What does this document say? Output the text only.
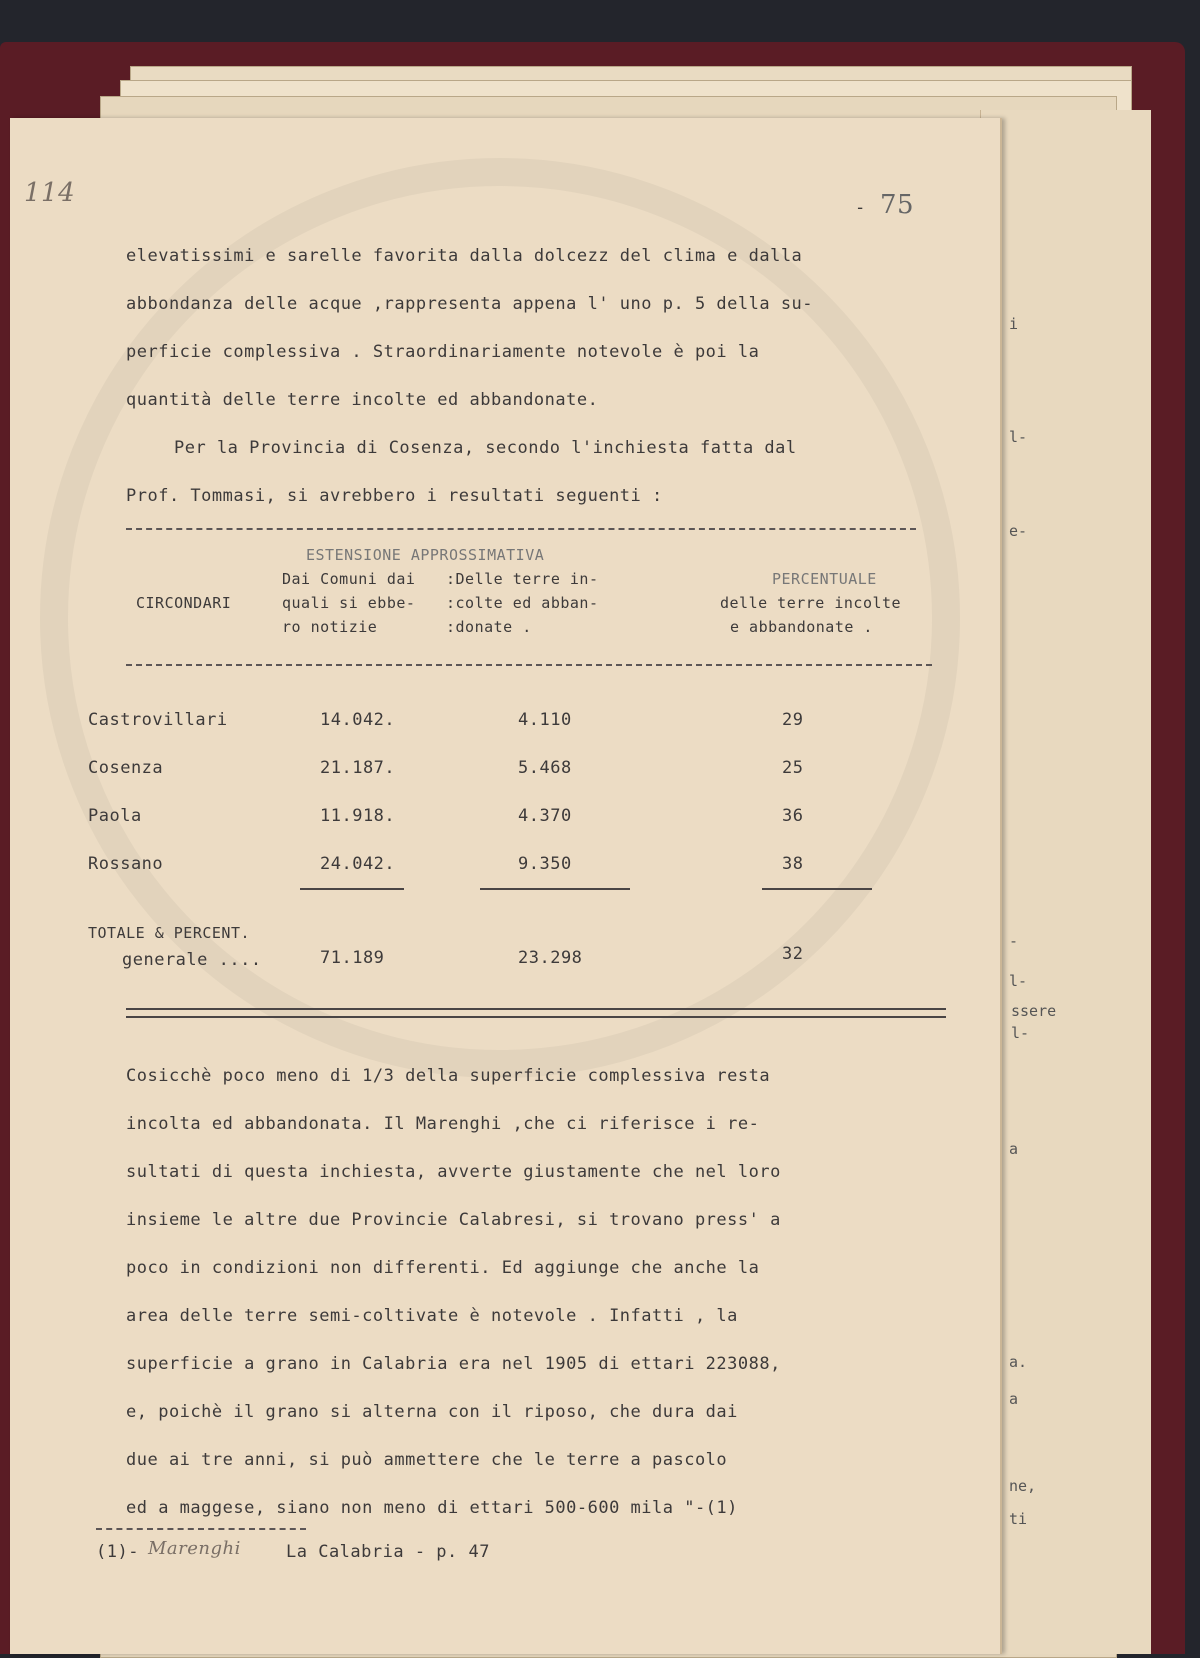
i
l-
e-
-
l-
ssere
l-
a
a.
a
ne,
ti
114	- 75
elevatissimi e sarelle favorita dalla dolcezz del clima e dalla
abbondanza delle acque ,rappresenta appena l' uno p. 5 della su-
perficie complessiva . Straordinariamente notevole è poi la
quantità delle terre incolte ed abbandonate.
Per la Provincia di Cosenza, secondo l'inchiesta fatta dal
Prof. Tommasi, si avrebbero i resultati seguenti :
ESTENSIONE APPROSSIMATIVA
CIRCONDARI
Dai Comuni dai
quali si ebbe-
ro notizie
:Delle terre in-
:colte ed abban-
:donate .
PERCENTUALE
delle terre incolte
e abbandonate .
Castrovillari	14.042.	4.110	29
Cosenza	21.187.	5.468	25
Paola	11.918.	4.370	36
Rossano	24.042.	9.350	38
TOTALE & PERCENT.
generale ....	71.189	23.298	32
Cosicchè poco meno di 1/3 della superficie complessiva resta
incolta ed abbandonata. Il Marenghi ,che ci riferisce i re-
sultati di questa inchiesta, avverte giustamente che nel loro
insieme le altre due Provincie Calabresi, si trovano press' a
poco in condizioni non differenti. Ed aggiunge che anche la
area delle terre semi-coltivate è notevole . Infatti , la
superficie a grano in Calabria era nel 1905 di ettari 223088,
e, poichè il grano si alterna con il riposo, che dura dai
due ai tre anni, si può ammettere che le terre a pascolo
ed a maggese, siano non meno di ettari 500-600 mila "-(1)
(1)- Marenghi	La Calabria - p. 47
